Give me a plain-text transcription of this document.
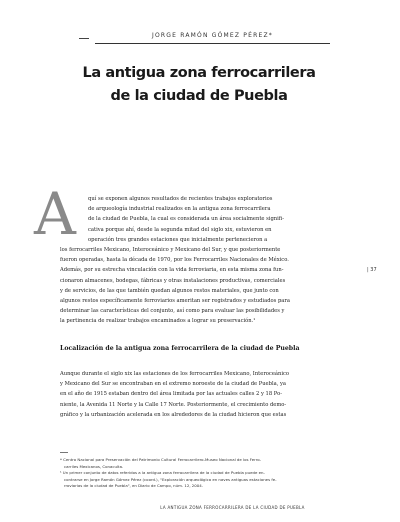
JORGE RAMÓN GÓMEZ PÉREZ*
La antigua zona ferrocarrilera
de la ciudad de Puebla
A	quí se exponen algunos resultados de recientes trabajos exploratorios
de arqueología industrial realizados en la antigua zona ferrocarrilera
de la ciudad de Puebla, la cual es considerada un área socialmente signifi-
cativa porque ahí, desde la segunda mitad del siglo xix, estuvieron en
operación tres grandes estaciones que inicialmente pertenecieron a
los ferrocarriles Mexicano, Interoceánico y Mexicano del Sur, y que posteriormente
fueron operadas, hasta la década de 1970, por los Ferrocarriles Nacionales de México.
Además, por su estrecha vinculación con la vida ferroviaria, en esta misma zona fun-
cionaron almacenes, bodegas, fábricas y otras instalaciones productivas, comerciales
y de servicios, de las que también quedan algunos restos materiales, que junto con
algunos restos específicamente ferroviarios ameritan ser registrados y estudiados para
determinar las características del conjunto, así como para evaluar las posibilidades y
la pertinencia de realizar trabajos encaminados a lograr su preservación.¹
| 37
Localización de la antigua zona ferrocarrilera de la ciudad de Puebla
Aunque durante el siglo xix las estaciones de los ferrocarriles Mexicano, Interoceánico
y Mexicano del Sur se encontraban en el extremo noroeste de la ciudad de Puebla, ya
en el año de 1915 estaban dentro del área limitada por las actuales calles 2 y 18 Po-
niente, la Avenida 11 Norte y la Calle 17 Norte. Posteriormente, el crecimiento demo-
gráfico y la urbanización acelerada en los alrededores de la ciudad hicieron que estas
* Centro Nacional para Preservación del Patrimonio Cultural Ferrocarrilero-Museo Nacional de los Ferro-
carriles Mexicanos, Conaculta.
¹ Un primer conjunto de datos referidos a la antigua zona ferrocarrilera de la ciudad de Puebla puede en-
contrarse en Jorge Ramón Gómez Pérez (coord.), "Exploración arqueológica en naves antiguas estaciones fe-
rroviarias de la ciudad de Puebla", en Diario de Campo, núm. 12, 2004.
LA ANTIGUA ZONA FERROCARRILERA DE LA CIUDAD DE PUEBLA
